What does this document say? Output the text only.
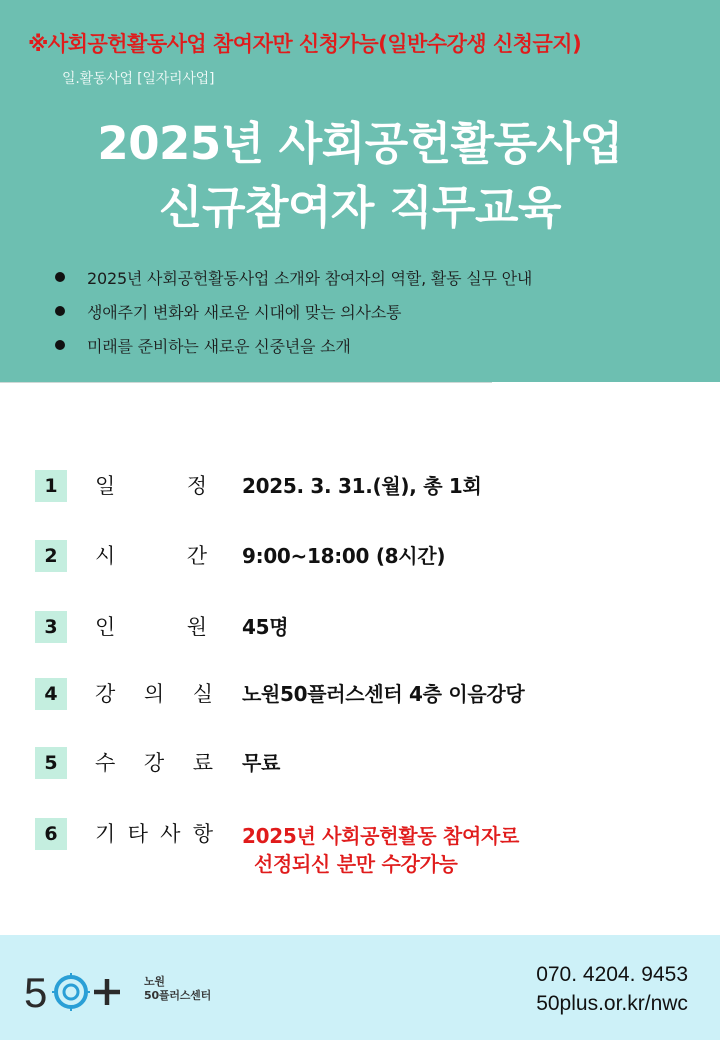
※사회공헌활동사업 참여자만 신청가능(일반수강생 신청금지)
일.활동사업 [일자리사업]
2025년 사회공헌활동사업
신규참여자 직무교육
2025년 사회공헌활동사업 소개와 참여자의 역할, 활동 실무 안내
생애주기 변화와 새로운 시대에 맞는 의사소통
미래를 준비하는 새로운 신중년을 소개
1	일	정 2025. 3. 31.(월), 총 1회
2	시	간 9:00~18:00 (8시간)
3	인	원 45명
4	강 의 실 노원50플러스센터 4층 이음강당
5	수 강 료 무료
6	기 타 사 항 2025년 사회공헌활동 참여자로
선정되신 분만 수강가능
5	노원
50플러스센터
070. 4204. 9453
50plus.or.kr/nwc
